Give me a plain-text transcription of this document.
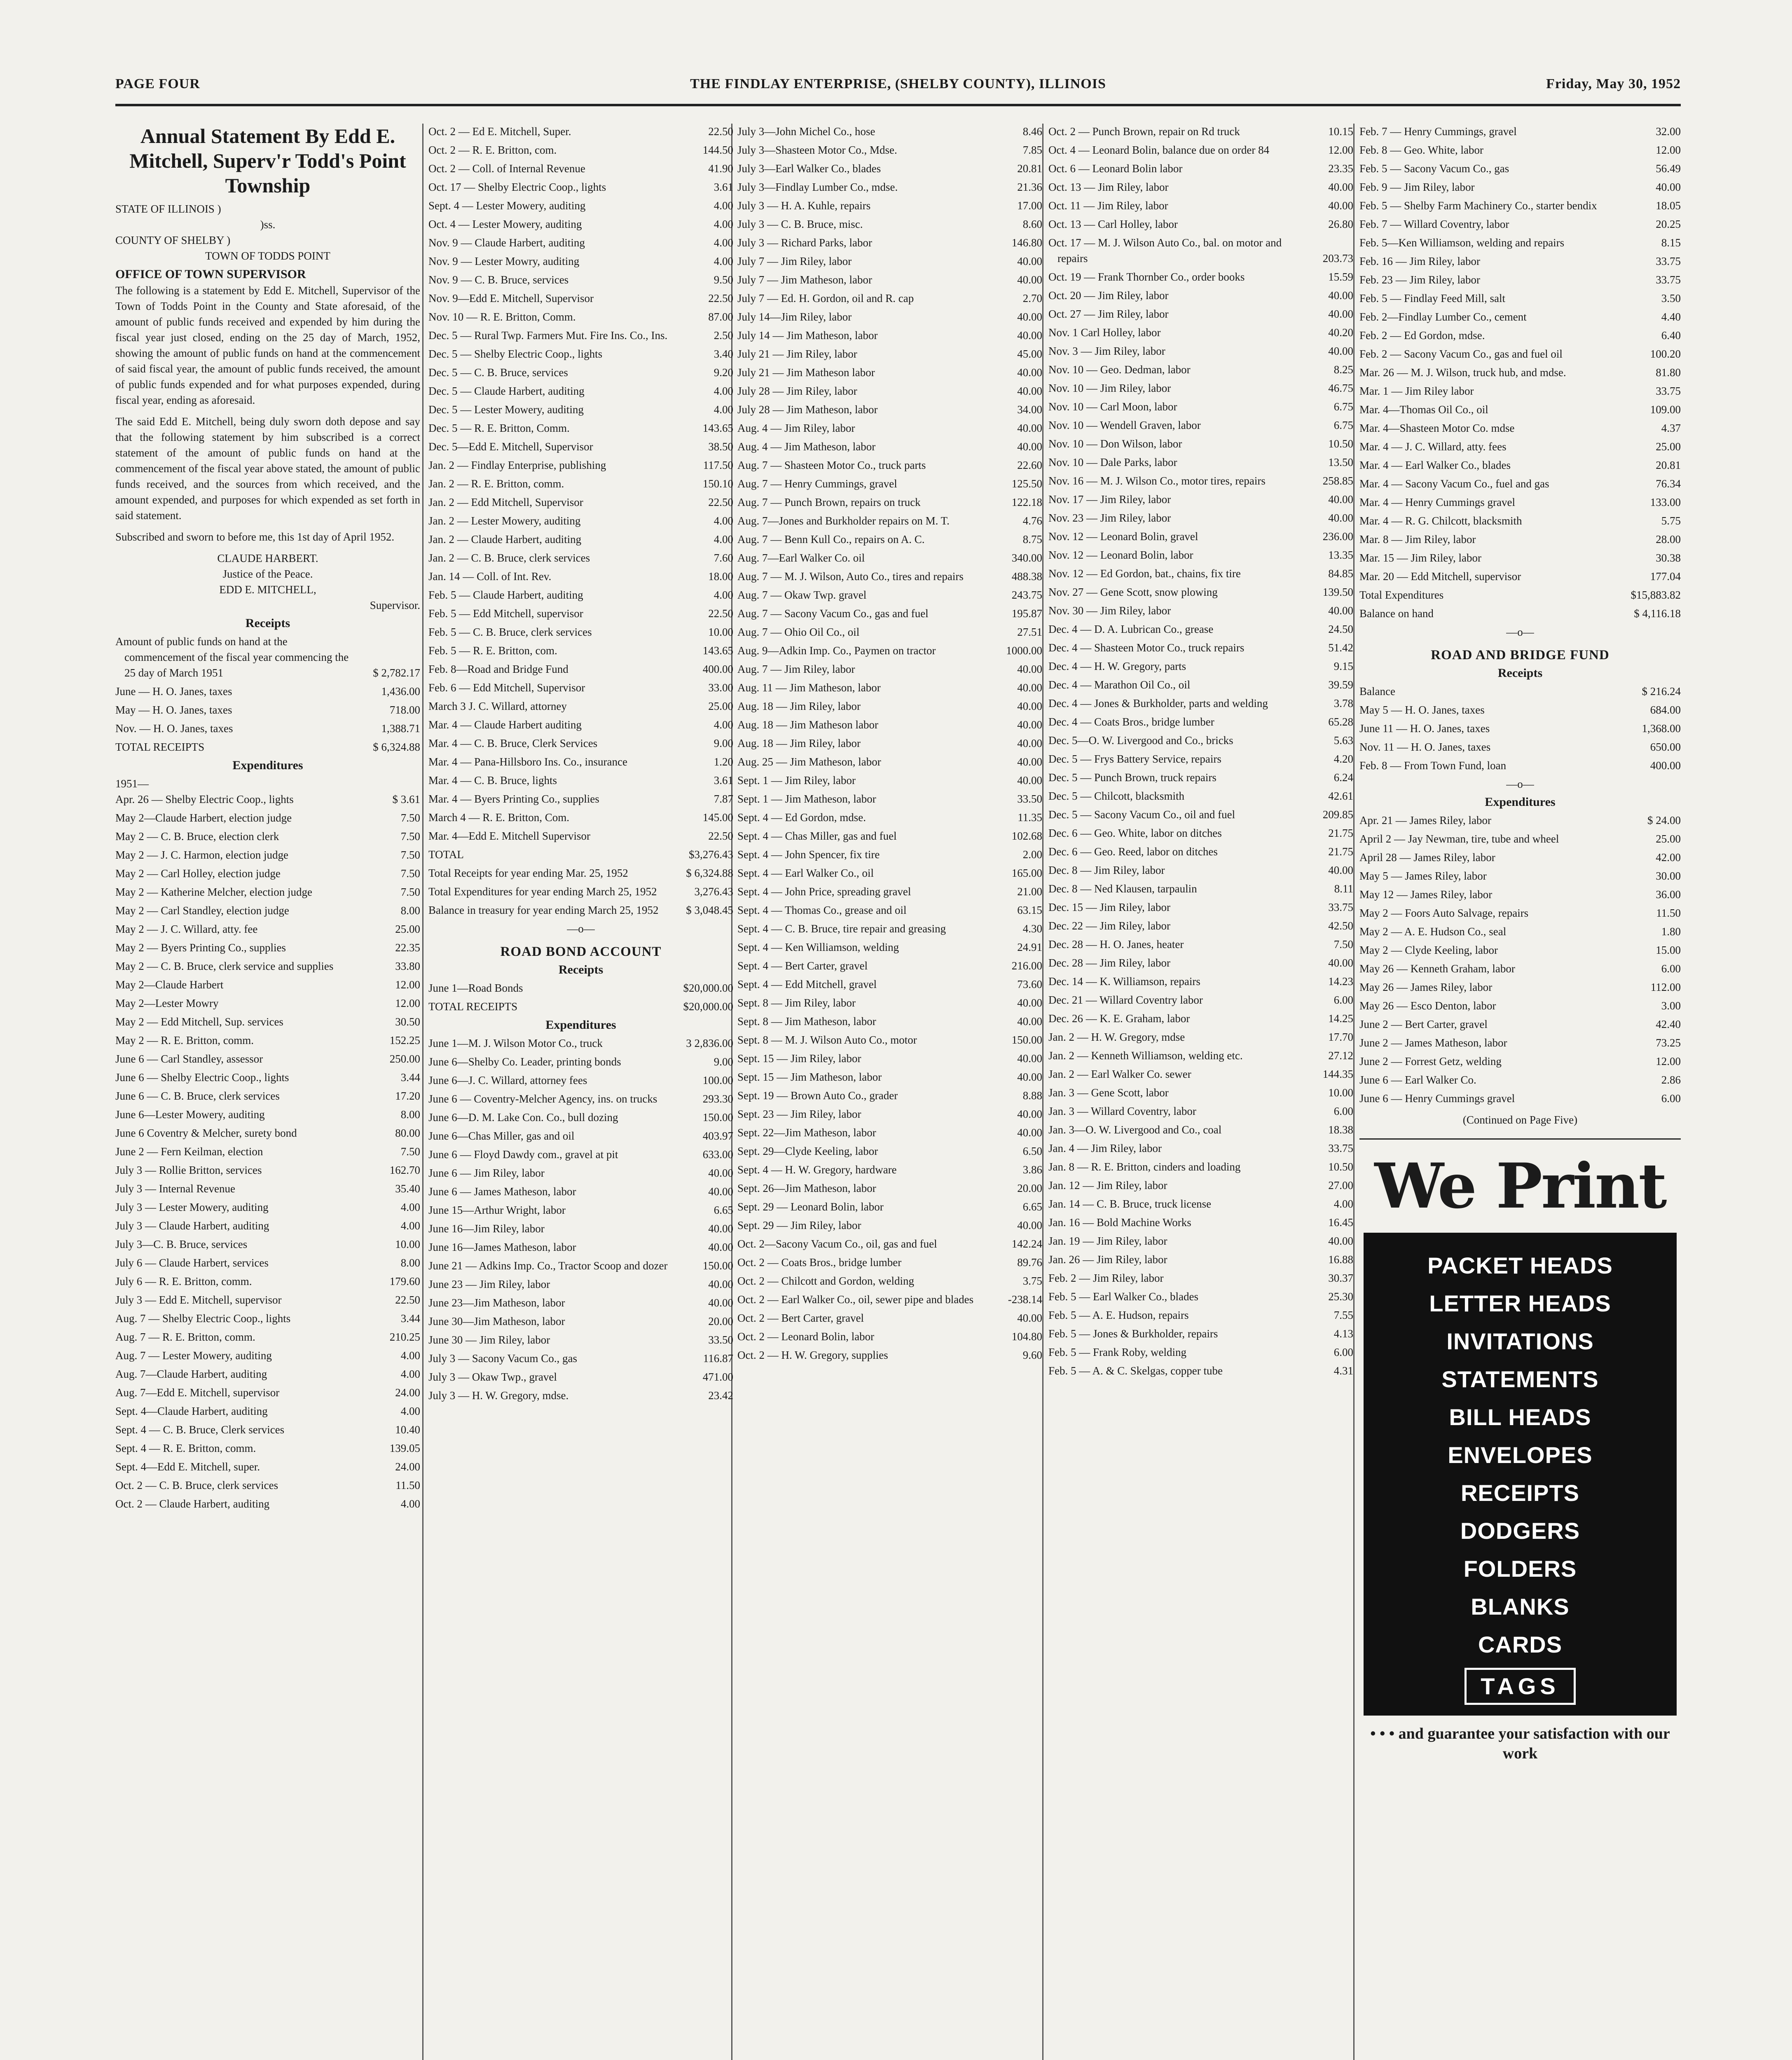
PAGE FOUR	THE FINDLAY ENTERPRISE, (SHELBY COUNTY), ILLINOIS	Friday, May 30, 1952
Annual Statement By Edd E. Mitchell, Superv'r Todd's Point Township
STATE OF ILLINOIS )
)ss.
COUNTY OF SHELBY )
TOWN OF TODDS POINT
OFFICE OF TOWN SUPERVISOR
The following is a statement by Edd E. Mitchell, Supervisor of the Town of Todds Point in the County and State aforesaid, of the amount of public funds received and expended by him during the fiscal year just closed, ending on the 25 day of March, 1952, showing the amount of public funds on hand at the commencement of said fiscal year, the amount of public funds received, the amount of public funds expended and for what purposes expended, during fiscal year, ending as aforesaid.
The said Edd E. Mitchell, being duly sworn doth depose and say that the following statement by him subscribed is a correct statement of the amount of public funds on hand at the commencement of the fiscal year above stated, the amount of public funds received, and the sources from which received, and the amount expended, and purposes for which expended as set forth in said statement.
Subscribed and sworn to before me, this 1st day of April 1952.
CLAUDE HARBERT.
Justice of the Peace.
EDD E. MITCHELL,
Supervisor.
Receipts
Amount of public funds on hand at the commencement of the fiscal year commencing the 25 day of March 1951	$ 2,782.17
June — H. O. Janes, taxes	1,436.00
May — H. O. Janes, taxes	718.00
Nov. — H. O. Janes, taxes	1,388.71
TOTAL RECEIPTS	$ 6,324.88
Expenditures
1951—
Apr. 26 — Shelby Electric Coop., lights	$ 3.61
May 2—Claude Harbert, election judge	7.50
May 2 — C. B. Bruce, election clerk	7.50
May 2 — J. C. Harmon, election judge	7.50
May 2 — Carl Holley, election judge	7.50
May 2 — Katherine Melcher, election judge	7.50
May 2 — Carl Standley, election judge	8.00
May 2 — J. C. Willard, atty. fee	25.00
May 2 — Byers Printing Co., supplies	22.35
May 2 — C. B. Bruce, clerk service and supplies	33.80
May 2—Claude Harbert	12.00
May 2—Lester Mowry	12.00
May 2 — Edd Mitchell, Sup. services	30.50
May 2 — R. E. Britton, comm.	152.25
June 6 — Carl Standley, assessor	250.00
June 6 — Shelby Electric Coop., lights	3.44
June 6 — C. B. Bruce, clerk services	17.20
June 6—Lester Mowery, auditing	8.00
June 6 Coventry & Melcher, surety bond	80.00
June 2 — Fern Keilman, election	7.50
July 3 — Rollie Britton, services	162.70
July 3 — Internal Revenue	35.40
July 3 — Lester Mowery, auditing	4.00
July 3 — Claude Harbert, auditing	4.00
July 3—C. B. Bruce, services	10.00
July 6 — Claude Harbert, services	8.00
July 6 — R. E. Britton, comm.	179.60
July 3 — Edd E. Mitchell, supervisor	22.50
Aug. 7 — Shelby Electric Coop., lights	3.44
Aug. 7 — R. E. Britton, comm.	210.25
Aug. 7 — Lester Mowery, auditing	4.00
Aug. 7—Claude Harbert, auditing	4.00
Aug. 7—Edd E. Mitchell, supervisor	24.00
Sept. 4—Claude Harbert, auditing	4.00
Sept. 4 — C. B. Bruce, Clerk services	10.40
Sept. 4 — R. E. Britton, comm.	139.05
Sept. 4—Edd E. Mitchell, super.	24.00
Oct. 2 — C. B. Bruce, clerk services	11.50
Oct. 2 — Claude Harbert, auditing	4.00
Oct. 2 — Ed E. Mitchell, Super.	22.50
Oct. 2 — R. E. Britton, com.	144.50
Oct. 2 — Coll. of Internal Revenue	41.90
Oct. 17 — Shelby Electric Coop., lights	3.61
Sept. 4 — Lester Mowery, auditing	4.00
Oct. 4 — Lester Mowery, auditing	4.00
Nov. 9 — Claude Harbert, auditing	4.00
Nov. 9 — Lester Mowry, auditing	4.00
Nov. 9 — C. B. Bruce, services	9.50
Nov. 9—Edd E. Mitchell, Supervisor	22.50
Nov. 10 — R. E. Britton, Comm.	87.00
Dec. 5 — Rural Twp. Farmers Mut. Fire Ins. Co., Ins.	2.50
Dec. 5 — Shelby Electric Coop., lights	3.40
Dec. 5 — C. B. Bruce, services	9.20
Dec. 5 — Claude Harbert, auditing	4.00
Dec. 5 — Lester Mowery, auditing	4.00
Dec. 5 — R. E. Britton, Comm.	143.65
Dec. 5—Edd E. Mitchell, Supervisor	38.50
Jan. 2 — Findlay Enterprise, publishing	117.50
Jan. 2 — R. E. Britton, comm.	150.10
Jan. 2 — Edd Mitchell, Supervisor	22.50
Jan. 2 — Lester Mowery, auditing	4.00
Jan. 2 — Claude Harbert, auditing	4.00
Jan. 2 — C. B. Bruce, clerk services	7.60
Jan. 14 — Coll. of Int. Rev.	18.00
Feb. 5 — Claude Harbert, auditing	4.00
Feb. 5 — Edd Mitchell, supervisor	22.50
Feb. 5 — C. B. Bruce, clerk services	10.00
Feb. 5 — R. E. Britton, com.	143.65
Feb. 8—Road and Bridge Fund	400.00
Feb. 6 — Edd Mitchell, Supervisor	33.00
March 3 J. C. Willard, attorney	25.00
Mar. 4 — Claude Harbert auditing	4.00
Mar. 4 — C. B. Bruce, Clerk Services	9.00
Mar. 4 — Pana-Hillsboro Ins. Co., insurance	1.20
Mar. 4 — C. B. Bruce, lights	3.61
Mar. 4 — Byers Printing Co., supplies	7.87
March 4 — R. E. Britton, Com.	145.00
Mar. 4—Edd E. Mitchell Supervisor	22.50
TOTAL	$3,276.43
Total Receipts for year ending Mar. 25, 1952	$ 6,324.88
Total Expenditures for year ending March 25, 1952	3,276.43
Balance in treasury for year ending March 25, 1952	$ 3,048.45
—o—
ROAD BOND ACCOUNT
Receipts
June 1—Road Bonds	$20,000.00
TOTAL RECEIPTS	$20,000.00
Expenditures
June 1—M. J. Wilson Motor Co., truck	3 2,836.00
June 6—Shelby Co. Leader, printing bonds	9.00
June 6—J. C. Willard, attorney fees	100.00
June 6 — Coventry-Melcher Agency, ins. on trucks	293.30
June 6—D. M. Lake Con. Co., bull dozing	150.00
June 6—Chas Miller, gas and oil	403.97
June 6 — Floyd Dawdy com., gravel at pit	633.00
June 6 — Jim Riley, labor	40.00
June 6 — James Matheson, labor	40.00
June 15—Arthur Wright, labor	6.65
June 16—Jim Riley, labor	40.00
June 16—James Matheson, labor	40.00
June 21 — Adkins Imp. Co., Tractor Scoop and dozer	150.00
June 23 — Jim Riley, labor	40.00
June 23—Jim Matheson, labor	40.00
June 30—Jim Matheson, labor	20.00
June 30 — Jim Riley, labor	33.50
July 3 — Sacony Vacum Co., gas	116.87
July 3 — Okaw Twp., gravel	471.00
July 3 — H. W. Gregory, mdse.	23.42
July 3—John Michel Co., hose	8.46
July 3—Shasteen Motor Co., Mdse.	7.85
July 3—Earl Walker Co., blades	20.81
July 3—Findlay Lumber Co., mdse.	21.36
July 3 — H. A. Kuhle, repairs	17.00
July 3 — C. B. Bruce, misc.	8.60
July 3 — Richard Parks, labor	146.80
July 7 — Jim Riley, labor	40.00
July 7 — Jim Matheson, labor	40.00
July 7 — Ed. H. Gordon, oil and R. cap	2.70
July 14—Jim Riley, labor	40.00
July 14 — Jim Matheson, labor	40.00
July 21 — Jim Riley, labor	45.00
July 21 — Jim Matheson labor	40.00
July 28 — Jim Riley, labor	40.00
July 28 — Jim Matheson, labor	34.00
Aug. 4 — Jim Riley, labor	40.00
Aug. 4 — Jim Matheson, labor	40.00
Aug. 7 — Shasteen Motor Co., truck parts	22.60
Aug. 7 — Henry Cummings, gravel	125.50
Aug. 7 — Punch Brown, repairs on truck	122.18
Aug. 7—Jones and Burkholder repairs on M. T.	4.76
Aug. 7 — Benn Kull Co., repairs on A. C.	8.75
Aug. 7—Earl Walker Co. oil	340.00
Aug. 7 — M. J. Wilson, Auto Co., tires and repairs	488.38
Aug. 7 — Okaw Twp. gravel	243.75
Aug. 7 — Sacony Vacum Co., gas and fuel	195.87
Aug. 7 — Ohio Oil Co., oil	27.51
Aug. 9—Adkin Imp. Co., Paymen on tractor	1000.00
Aug. 7 — Jim Riley, labor	40.00
Aug. 11 — Jim Matheson, labor	40.00
Aug. 18 — Jim Riley, labor	40.00
Aug. 18 — Jim Matheson labor	40.00
Aug. 18 — Jim Riley, labor	40.00
Aug. 25 — Jim Matheson, labor	40.00
Sept. 1 — Jim Riley, labor	40.00
Sept. 1 — Jim Matheson, labor	33.50
Sept. 4 — Ed Gordon, mdse.	11.35
Sept. 4 — Chas Miller, gas and fuel	102.68
Sept. 4 — John Spencer, fix tire	2.00
Sept. 4 — Earl Walker Co., oil	165.00
Sept. 4 — John Price, spreading gravel	21.00
Sept. 4 — Thomas Co., grease and oil	63.15
Sept. 4 — C. B. Bruce, tire repair and greasing	4.30
Sept. 4 — Ken Williamson, welding	24.91
Sept. 4 — Bert Carter, gravel	216.00
Sept. 4 — Edd Mitchell, gravel	73.60
Sept. 8 — Jim Riley, labor	40.00
Sept. 8 — Jim Matheson, labor	40.00
Sept. 8 — M. J. Wilson Auto Co., motor	150.00
Sept. 15 — Jim Riley, labor	40.00
Sept. 15 — Jim Matheson, labor	40.00
Sept. 19 — Brown Auto Co., grader	8.88
Sept. 23 — Jim Riley, labor	40.00
Sept. 22—Jim Matheson, labor	40.00
Sept. 29—Clyde Keeling, labor	6.50
Sept. 4 — H. W. Gregory, hardware	3.86
Sept. 26—Jim Matheson, labor	20.00
Sept. 29 — Leonard Bolin, labor	6.65
Sept. 29 — Jim Riley, labor	40.00
Oct. 2—Sacony Vacum Co., oil, gas and fuel	142.24
Oct. 2 — Coats Bros., bridge lumber	89.76
Oct. 2 — Chilcott and Gordon, welding	3.75
Oct. 2 — Earl Walker Co., oil, sewer pipe and blades	-238.14
Oct. 2 — Bert Carter, gravel	40.00
Oct. 2 — Leonard Bolin, labor	104.80
Oct. 2 — H. W. Gregory, supplies	9.60
Oct. 2 — Punch Brown, repair on Rd truck	10.15
Oct. 4 — Leonard Bolin, balance due on order 84	12.00
Oct. 6 — Leonard Bolin labor	23.35
Oct. 13 — Jim Riley, labor	40.00
Oct. 11 — Jim Riley, labor	40.00
Oct. 13 — Carl Holley, labor	26.80
Oct. 17 — M. J. Wilson Auto Co., bal. on motor and repairs	203.73
Oct. 19 — Frank Thornber Co., order books	15.59
Oct. 20 — Jim Riley, labor	40.00
Oct. 27 — Jim Riley, labor	40.00
Nov. 1 Carl Holley, labor	40.20
Nov. 3 — Jim Riley, labor	40.00
Nov. 10 — Geo. Dedman, labor	8.25
Nov. 10 — Jim Riley, labor	46.75
Nov. 10 — Carl Moon, labor	6.75
Nov. 10 — Wendell Graven, labor	6.75
Nov. 10 — Don Wilson, labor	10.50
Nov. 10 — Dale Parks, labor	13.50
Nov. 16 — M. J. Wilson Co., motor tires, repairs	258.85
Nov. 17 — Jim Riley, labor	40.00
Nov. 23 — Jim Riley, labor	40.00
Nov. 12 — Leonard Bolin, gravel	236.00
Nov. 12 — Leonard Bolin, labor	13.35
Nov. 12 — Ed Gordon, bat., chains, fix tire	84.85
Nov. 27 — Gene Scott, snow plowing	139.50
Nov. 30 — Jim Riley, labor	40.00
Dec. 4 — D. A. Lubrican Co., grease	24.50
Dec. 4 — Shasteen Motor Co., truck repairs	51.42
Dec. 4 — H. W. Gregory, parts	9.15
Dec. 4 — Marathon Oil Co., oil	39.59
Dec. 4 — Jones & Burkholder, parts and welding	3.78
Dec. 4 — Coats Bros., bridge lumber	65.28
Dec. 5—O. W. Livergood and Co., bricks	5.63
Dec. 5 — Frys Battery Service, repairs	4.20
Dec. 5 — Punch Brown, truck repairs	6.24
Dec. 5 — Chilcott, blacksmith	42.61
Dec. 5 — Sacony Vacum Co., oil and fuel	209.85
Dec. 6 — Geo. White, labor on ditches	21.75
Dec. 6 — Geo. Reed, labor on ditches	21.75
Dec. 8 — Jim Riley, labor	40.00
Dec. 8 — Ned Klausen, tarpaulin	8.11
Dec. 15 — Jim Riley, labor	33.75
Dec. 22 — Jim Riley, labor	42.50
Dec. 28 — H. O. Janes, heater	7.50
Dec. 28 — Jim Riley, labor	40.00
Dec. 14 — K. Williamson, repairs	14.23
Dec. 21 — Willard Coventry labor	6.00
Dec. 26 — K. E. Graham, labor	14.25
Jan. 2 — H. W. Gregory, mdse	17.70
Jan. 2 — Kenneth Williamson, welding etc.	27.12
Jan. 2 — Earl Walker Co. sewer	144.35
Jan. 3 — Gene Scott, labor	10.00
Jan. 3 — Willard Coventry, labor	6.00
Jan. 3—O. W. Livergood and Co., coal	18.38
Jan. 4 — Jim Riley, labor	33.75
Jan. 8 — R. E. Britton, cinders and loading	10.50
Jan. 12 — Jim Riley, labor	27.00
Jan. 14 — C. B. Bruce, truck license	4.00
Jan. 16 — Bold Machine Works	16.45
Jan. 19 — Jim Riley, labor	40.00
Jan. 26 — Jim Riley, labor	16.88
Feb. 2 — Jim Riley, labor	30.37
Feb. 5 — Earl Walker Co., blades	25.30
Feb. 5 — A. E. Hudson, repairs	7.55
Feb. 5 — Jones & Burkholder, repairs	4.13
Feb. 5 — Frank Roby, welding	6.00
Feb. 5 — A. & C. Skelgas, copper tube	4.31
Feb. 7 — Henry Cummings, gravel	32.00
Feb. 8 — Geo. White, labor	12.00
Feb. 5 — Sacony Vacum Co., gas	56.49
Feb. 9 — Jim Riley, labor	40.00
Feb. 5 — Shelby Farm Machinery Co., starter bendix	18.05
Feb. 7 — Willard Coventry, labor	20.25
Feb. 5—Ken Williamson, welding and repairs	8.15
Feb. 16 — Jim Riley, labor	33.75
Feb. 23 — Jim Riley, labor	33.75
Feb. 5 — Findlay Feed Mill, salt	3.50
Feb. 2—Findlay Lumber Co., cement	4.40
Feb. 2 — Ed Gordon, mdse.	6.40
Feb. 2 — Sacony Vacum Co., gas and fuel oil	100.20
Mar. 26 — M. J. Wilson, truck hub, and mdse.	81.80
Mar. 1 — Jim Riley labor	33.75
Mar. 4—Thomas Oil Co., oil	109.00
Mar. 4—Shasteen Motor Co. mdse	4.37
Mar. 4 — J. C. Willard, atty. fees	25.00
Mar. 4 — Earl Walker Co., blades	20.81
Mar. 4 — Sacony Vacum Co., fuel and gas	76.34
Mar. 4 — Henry Cummings gravel	133.00
Mar. 4 — R. G. Chilcott, blacksmith	5.75
Mar. 8 — Jim Riley, labor	28.00
Mar. 15 — Jim Riley, labor	30.38
Mar. 20 — Edd Mitchell, supervisor	177.04
Total Expenditures	$15,883.82
Balance on hand	$ 4,116.18
—o—
ROAD AND BRIDGE FUND
Receipts
Balance	$ 216.24
May 5 — H. O. Janes, taxes	684.00
June 11 — H. O. Janes, taxes	1,368.00
Nov. 11 — H. O. Janes, taxes	650.00
Feb. 8 — From Town Fund, loan	400.00
—o—
Expenditures
Apr. 21 — James Riley, labor	$ 24.00
April 2 — Jay Newman, tire, tube and wheel	25.00
April 28 — James Riley, labor	42.00
May 5 — James Riley, labor	30.00
May 12 — James Riley, labor	36.00
May 2 — Foors Auto Salvage, repairs	11.50
May 2 — A. E. Hudson Co., seal	1.80
May 2 — Clyde Keeling, labor	15.00
May 26 — Kenneth Graham, labor	6.00
May 26 — James Riley, labor	112.00
May 26 — Esco Denton, labor	3.00
June 2 — Bert Carter, gravel	42.40
June 2 — James Matheson, labor	73.25
June 2 — Forrest Getz, welding	12.00
June 6 — Earl Walker Co.	2.86
June 6 — Henry Cummings gravel	6.00
(Continued on Page Five)
We Print
PACKET HEADS
LETTER HEADS
INVITATIONS
STATEMENTS
BILL HEADS
ENVELOPES
RECEIPTS
DODGERS
FOLDERS
BLANKS
CARDS
TAGS
• • • and guarantee your satisfaction with our work
